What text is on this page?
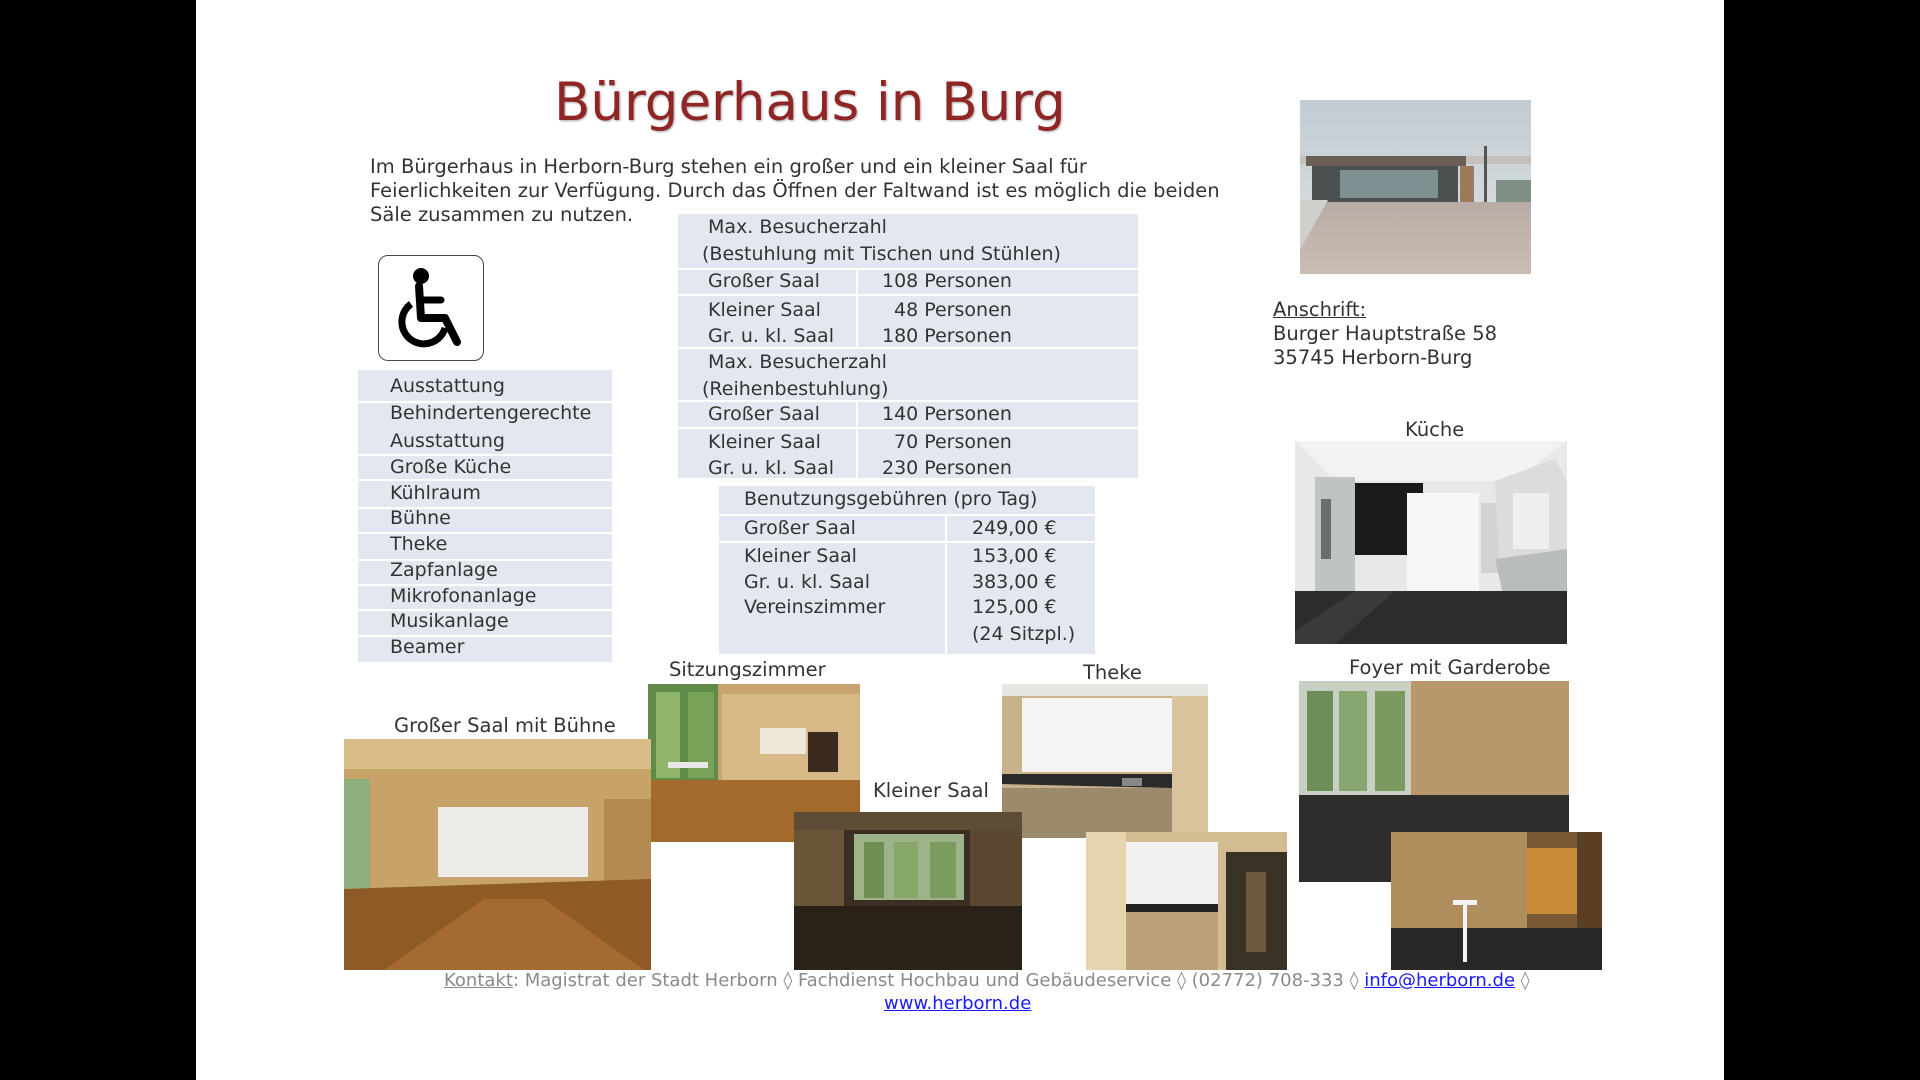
Bürgerhaus in Burg
Im Bürgerhaus in Herborn-Burg stehen ein großer und ein kleiner Saal für Feierlichkeiten zur Verfügung. Durch das Öffnen der Faltwand ist es möglich die beiden Säle zusammen zu nutzen.
Ausstattung
Behindertengerechte
Ausstattung
Große Küche
Kühlraum
Bühne
Theke
Zapfanlage
Mikrofonanlage
Musikanlage
Beamer
Max. Besucherzahl
(Bestuhlung mit Tischen und Stühlen)
Großer Saal	108 Personen
Kleiner Saal	48 Personen
Gr. u. kl. Saal	180 Personen
Max. Besucherzahl
(Reihenbestuhlung)
Großer Saal	140 Personen
Kleiner Saal	70 Personen
Gr. u. kl. Saal	230 Personen
Benutzungsgebühren (pro Tag)
Großer Saal	249,00 €
Kleiner Saal	153,00 €
Gr. u. kl. Saal	383,00 €
Vereinszimmer	125,00 €
(24 Sitzpl.)
Anschrift:
Burger Hauptstraße 58
35745 Herborn-Burg
Küche
Sitzungszimmer	Theke	Foyer mit Garderobe
Großer Saal mit Bühne
Kleiner Saal
Kontakt: Magistrat der Stadt Herborn ◊ Fachdienst Hochbau und Gebäudeservice ◊ (02772) 708-333 ◊ info@herborn.de ◊
www.herborn.de
